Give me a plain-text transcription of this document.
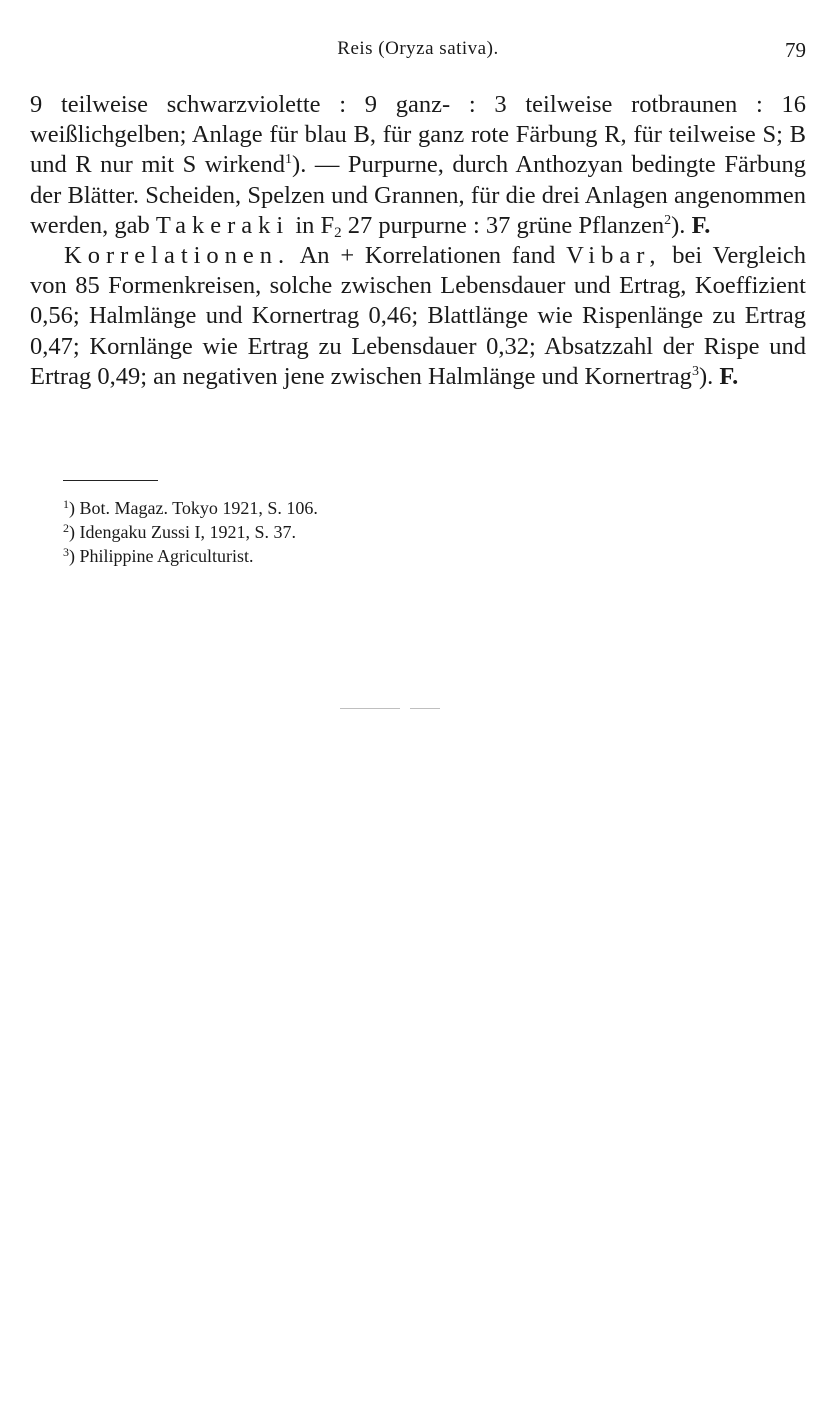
Reis (Oryza sativa).	79

9 teilweise schwarzviolette : 9 ganz- : 3 teilweise rotbraunen : 16 weißlichgelben; Anlage für blau B, für ganz rote Färbung R, für teilweise S; B und R nur mit S wirkend$^1$). — Purpurne, durch Anthozyan bedingte Färbung der Blätter. Scheiden, Spelzen und Grannen, für die drei Anlagen angenommen werden, gab Takeraki in $F_2$ 27 purpurne : 37 grüne Pflanzen$^2$). F.

Korrelationen. An + Korrelationen fand Vibar, bei Vergleich von 85 Formenkreisen, solche zwischen Lebensdauer und Ertrag, Koeffizient 0,56; Halmlänge und Kornertrag 0,46; Blattlänge wie Rispenlänge zu Ertrag 0,47; Kornlänge wie Ertrag zu Lebensdauer 0,32; Absatzzahl der Rispe und Ertrag 0,49; an negativen jene zwischen Halmlänge und Kornertrag$^3$). F.

$^1$) Bot. Magaz. Tokyo 1921, S. 106.

$^2$) Idengaku Zussi I, 1921, S. 37.

$^3$) Philippine Agriculturist.
